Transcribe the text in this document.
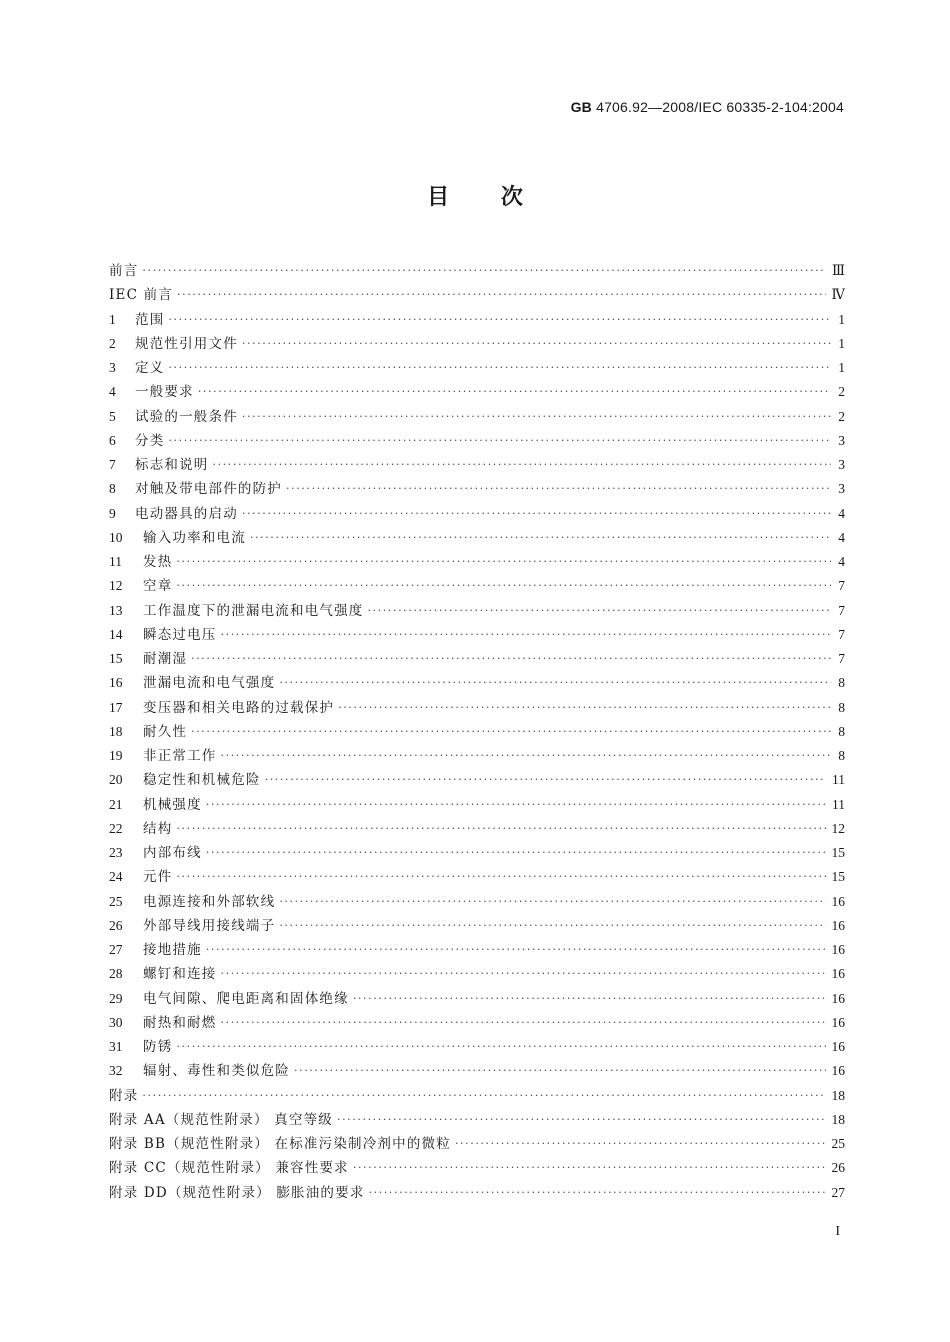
GB 4706.92—2008/IEC 60335-2-104:2004
目 次
前言 ·····	Ⅲ
IEC 前言 ·····	Ⅳ
1	范围 ·····	1
2	规范性引用文件 ·····	1
3	定义 ·····	1
4	一般要求 ·····	2
5	试验的一般条件 ·····	2
6	分类 ·····	3
7	标志和说明 ·····	3
8	对触及带电部件的防护 ·····	3
9	电动器具的启动 ·····	4
10	输入功率和电流 ·····	4
11	发热 ·····	4
12	空章 ·····	7
13	工作温度下的泄漏电流和电气强度 ·····	7
14	瞬态过电压 ·····	7
15	耐潮湿 ·····	7
16	泄漏电流和电气强度 ·····	8
17	变压器和相关电路的过载保护 ·····	8
18	耐久性 ·····	8
19	非正常工作 ·····	8
20	稳定性和机械危险 ·····	11
21	机械强度 ·····	11
22	结构 ·····	12
23	内部布线 ·····	15
24	元件 ·····	15
25	电源连接和外部软线 ·····	16
26	外部导线用接线端子 ·····	16
27	接地措施 ·····	16
28	螺钉和连接 ·····	16
29	电气间隙、爬电距离和固体绝缘 ·····	16
30	耐热和耐燃 ·····	16
31	防锈 ·····	16
32	辐射、毒性和类似危险 ·····	16
附录 ·····	18
附录 AA（规范性附录） 真空等级 ·····	18
附录 BB（规范性附录） 在标准污染制冷剂中的微粒 ·····	25
附录 CC（规范性附录） 兼容性要求 ·····	26
附录 DD（规范性附录） 膨胀油的要求 ·····	27
I
